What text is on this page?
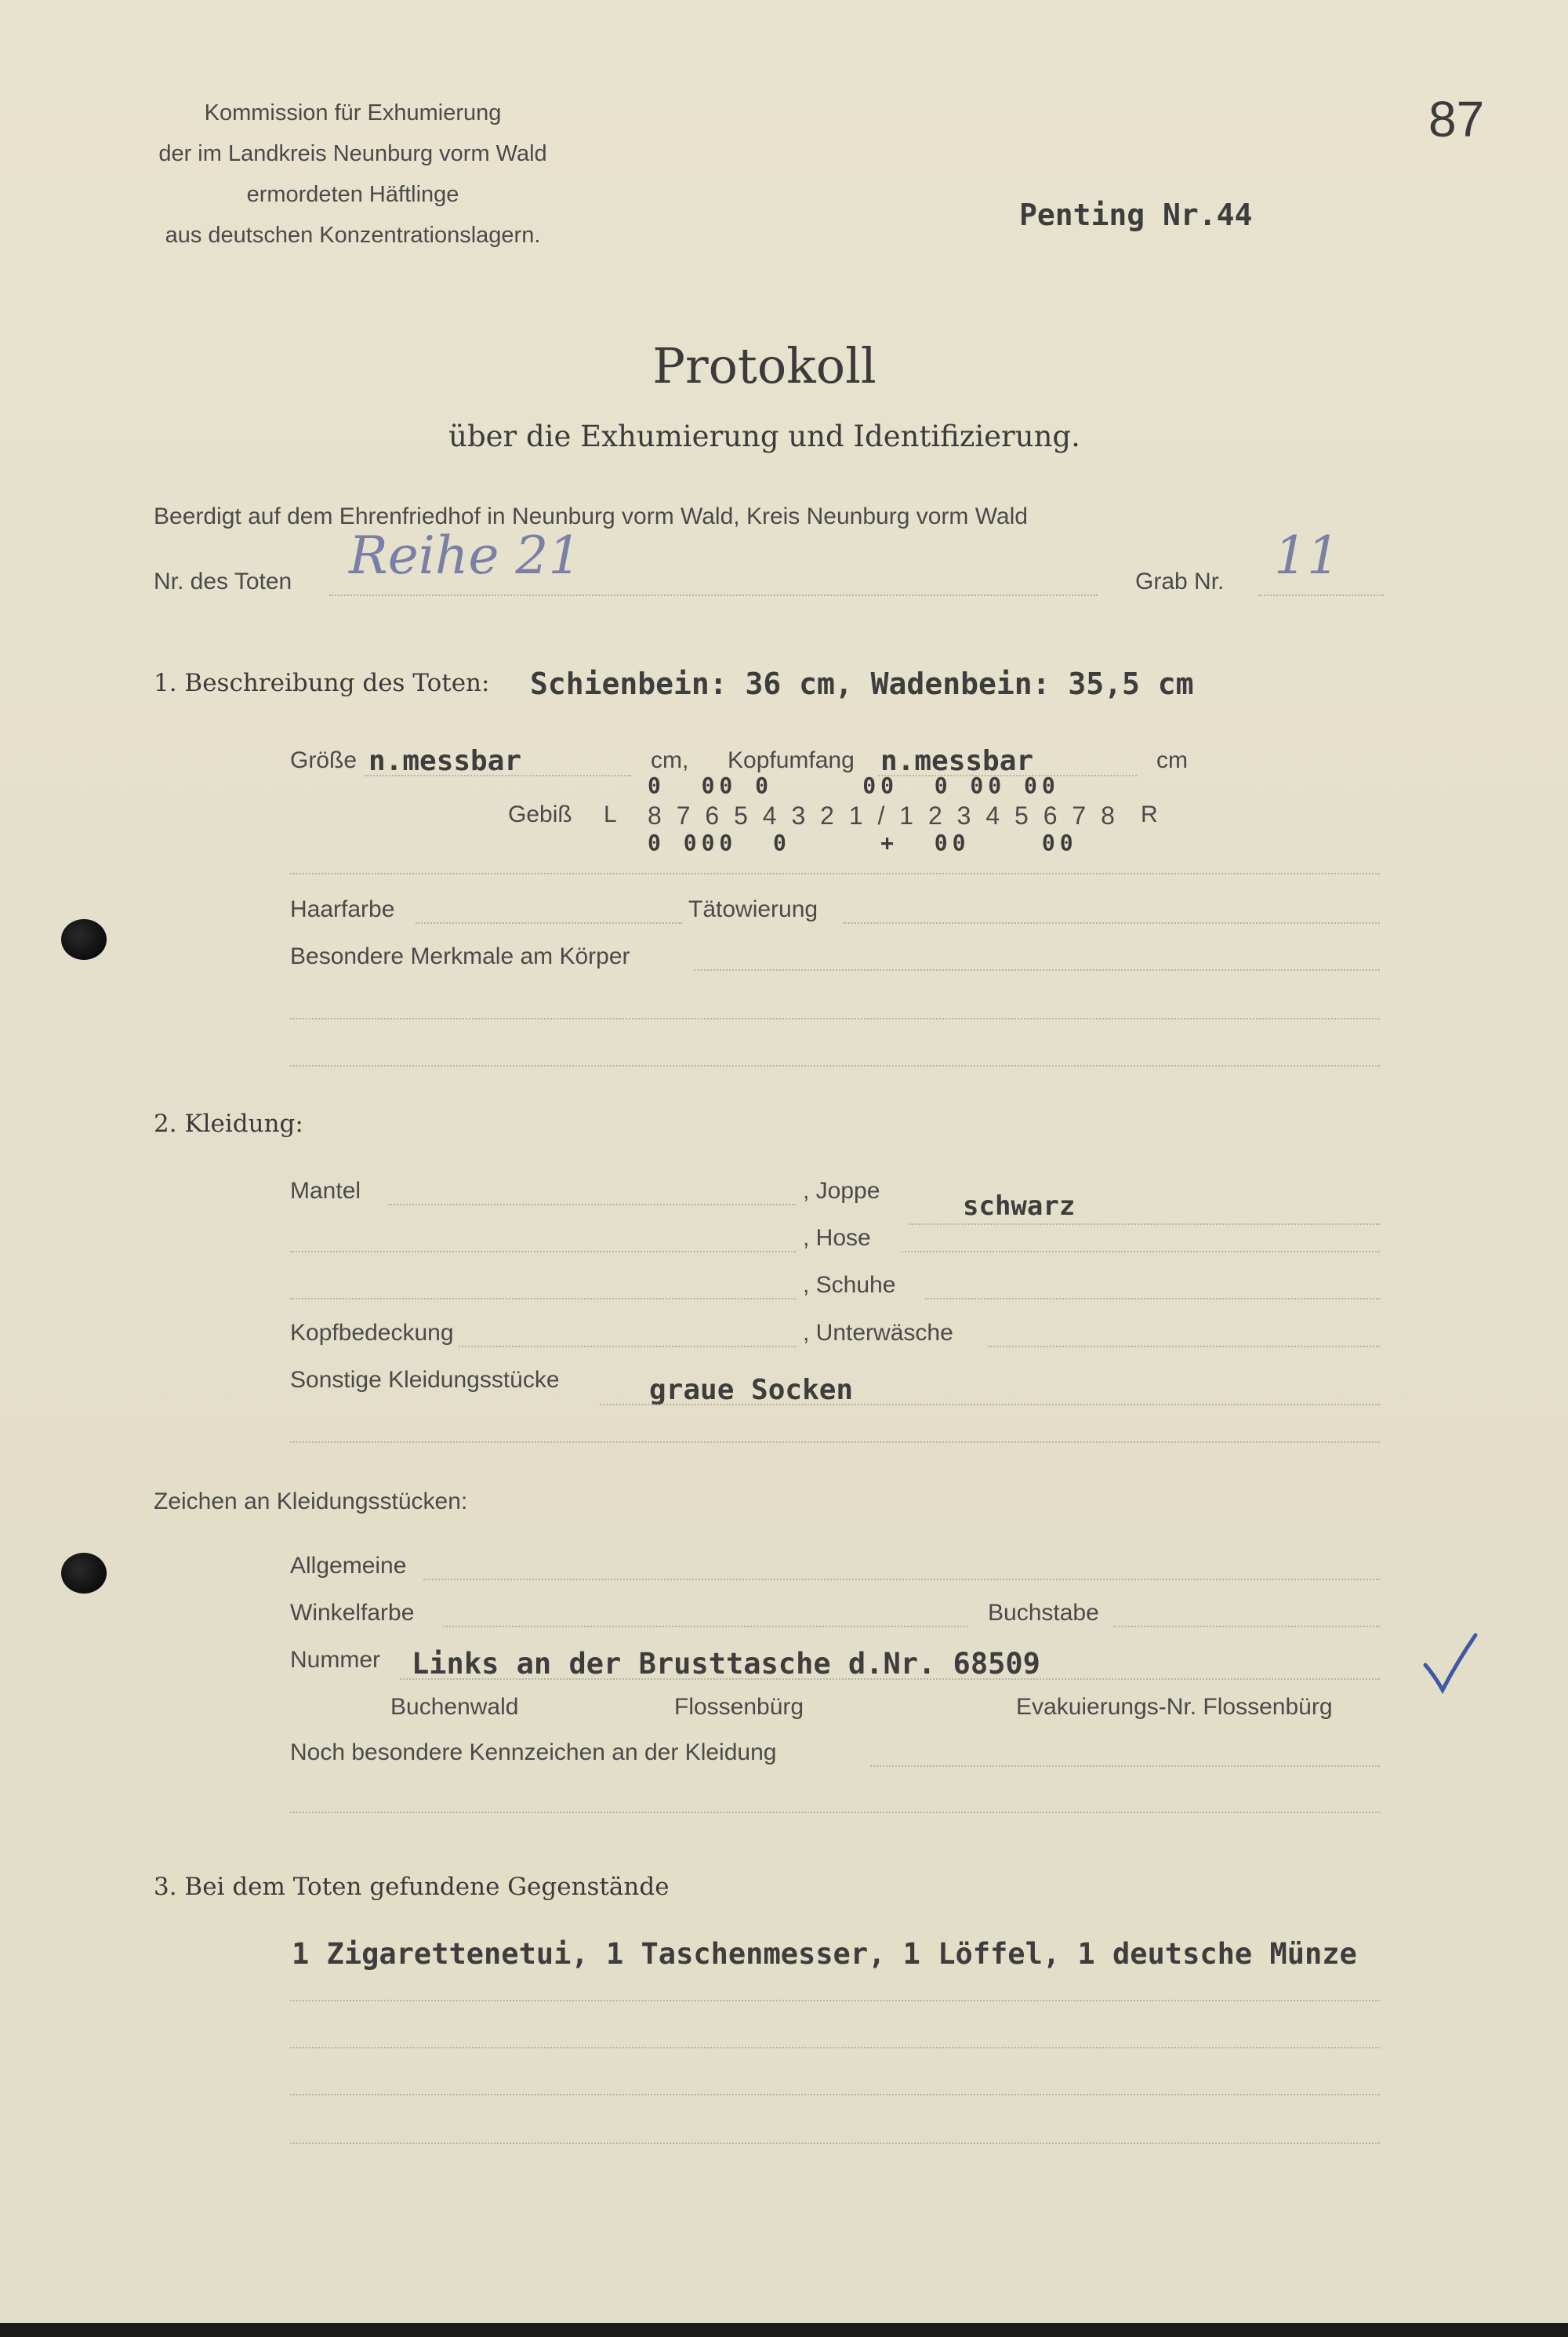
Kommission für Exhumierung
der im Landkreis Neunburg vorm Wald
ermordeten Häftlinge
aus deutschen Konzentrationslagern.
87
Penting Nr.44
Protokoll
über die Exhumierung und Identifizierung.
Beerdigt auf dem Ehrenfriedhof in Neunburg vorm Wald, Kreis Neunburg vorm Wald
Nr. des Toten Reihe 21	Grab Nr. 11
1. Beschreibung des Toten: Schienbein: 36 cm, Wadenbein: 35,5 cm
Größe n.messbar	cm, Kopfumfang n.messbar	cm
0  00 0     00  0 00 00
Gebiß L 8 7 6 5 4 3 2 1 / 1 2 3 4 5 6 7 8 R
0 000  0     +  00    00
Haarfarbe	Tätowierung
Besondere Merkmale am Körper
2. Kleidung:
Mantel	, Joppe	schwarz
, Hose
, Schuhe
Kopfbedeckung	, Unterwäsche
Sonstige Kleidungsstücke	graue Socken
Zeichen an Kleidungsstücken:
Allgemeine
Winkelfarbe	Buchstabe
Nummer Links an der Brusttasche d.Nr. 68509
Buchenwald	Flossenbürg	Evakuierungs-Nr. Flossenbürg
Noch besondere Kennzeichen an der Kleidung
3. Bei dem Toten gefundene Gegenstände
1 Zigarettenetui, 1 Taschenmesser, 1 Löffel, 1 deutsche Münze
